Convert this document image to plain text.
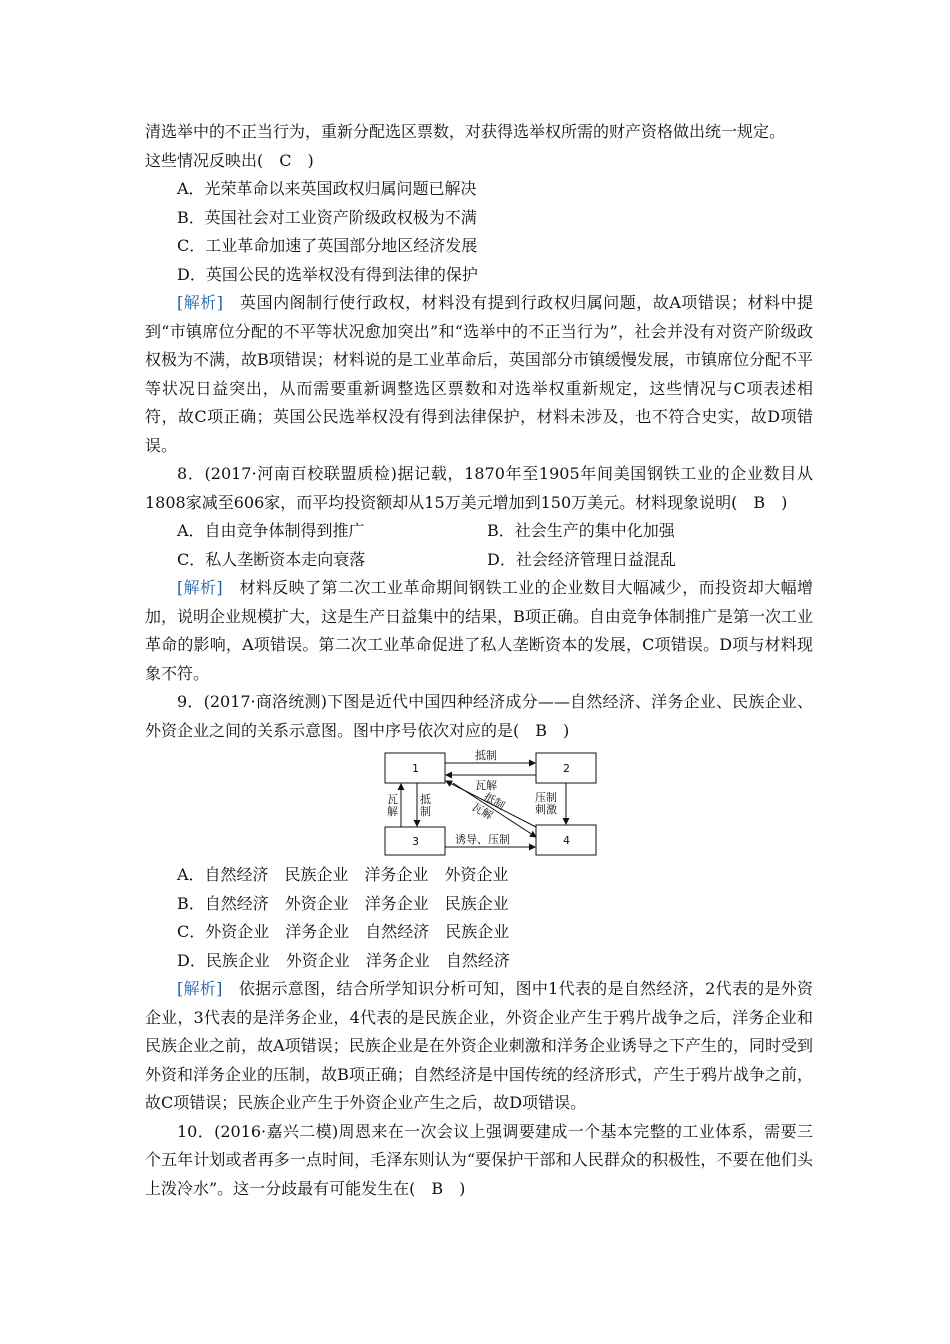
清选举中的不正当行为，重新分配选区票数，对获得选举权所需的财产资格做出统一规定。

这些情况反映出(　C　)

A．光荣革命以来英国政权归属问题已解决

B．英国社会对工业资产阶级政权极为不满

C．工业革命加速了英国部分地区经济发展

D．英国公民的选举权没有得到法律的保护

[解析]　英国内阁制行使行政权，材料没有提到行政权归属问题，故A项错误；材料中提到“市镇席位分配的不平等状况愈加突出”和“选举中的不正当行为”，社会并没有对资产阶级政权极为不满，故B项错误；材料说的是工业革命后，英国部分市镇缓慢发展，市镇席位分配不平等状况日益突出，从而需要重新调整选区票数和对选举权重新规定，这些情况与C项表述相符，故C项正确；英国公民选举权没有得到法律保护，材料未涉及，也不符合史实，故D项错误。

8．(2017·河南百校联盟质检)据记载，1870年至1905年间美国钢铁工业的企业数目从1808家减至606家，而平均投资额却从15万美元增加到150万美元。材料现象说明(　B　)

A．自由竞争体制得到推广	B．社会生产的集中化加强
C．私人垄断资本走向衰落	D．社会经济管理日益混乱

[解析]　材料反映了第二次工业革命期间钢铁工业的企业数目大幅减少，而投资却大幅增加，说明企业规模扩大，这是生产日益集中的结果，B项正确。自由竞争体制推广是第一次工业革命的影响，A项错误。第二次工业革命促进了私人垄断资本的发展，C项错误。D项与材料现象不符。

9．(2017·商洛统测)下图是近代中国四种经济成分——自然经济、洋务企业、民族企业、外资企业之间的关系示意图。图中序号依次对应的是(　B　)

1	2
3	4
抵制
瓦解
瓦解
抵制
压制刺激
抵制
瓦解
诱导、压制

A．自然经济　民族企业　洋务企业　外资企业

B．自然经济　外资企业　洋务企业　民族企业

C．外资企业　洋务企业　自然经济　民族企业

D．民族企业　外资企业　洋务企业　自然经济

[解析]　依据示意图，结合所学知识分析可知，图中1代表的是自然经济，2代表的是外资企业，3代表的是洋务企业，4代表的是民族企业，外资企业产生于鸦片战争之后，洋务企业和民族企业之前，故A项错误；民族企业是在外资企业刺激和洋务企业诱导之下产生的，同时受到外资和洋务企业的压制，故B项正确；自然经济是中国传统的经济形式，产生于鸦片战争之前，故C项错误；民族企业产生于外资企业产生之后，故D项错误。

10．(2016·嘉兴二模)周恩来在一次会议上强调要建成一个基本完整的工业体系，需要三个五年计划或者再多一点时间，毛泽东则认为“要保护干部和人民群众的积极性，不要在他们头上泼冷水”。这一分歧最有可能发生在(　B　)
